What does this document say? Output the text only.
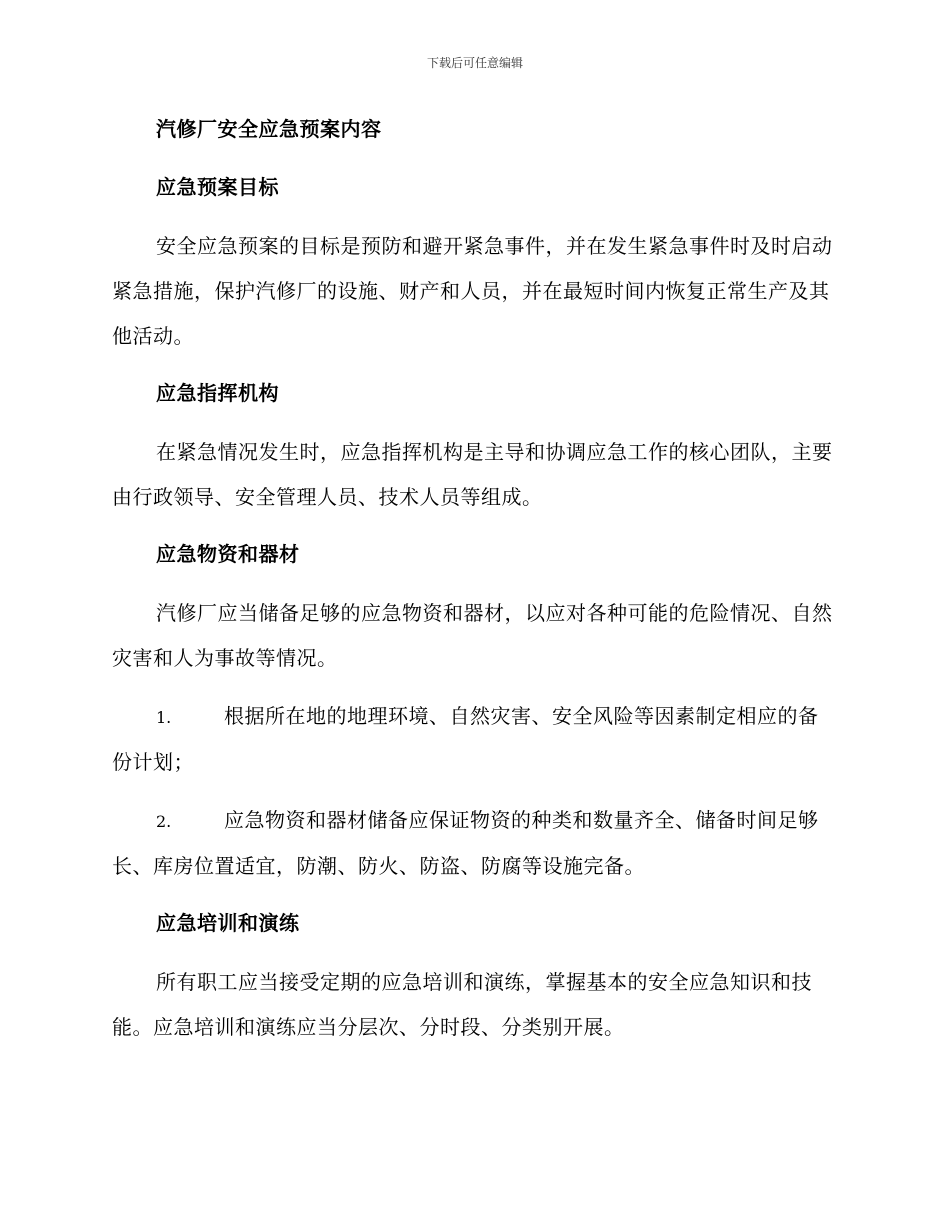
下载后可任意编辑

汽修厂安全应急预案内容

应急预案目标

安全应急预案的目标是预防和避开紧急事件，并在发生紧急事件时及时启动紧急措施，保护汽修厂的设施、财产和人员，并在最短时间内恢复正常生产及其他活动。

应急指挥机构

在紧急情况发生时，应急指挥机构是主导和协调应急工作的核心团队，主要由行政领导、安全管理人员、技术人员等组成。

应急物资和器材

汽修厂应当储备足够的应急物资和器材，以应对各种可能的危险情况、自然灾害和人为事故等情况。

1.	根据所在地的地理环境、自然灾害、安全风险等因素制定相应的备份计划；

2.	应急物资和器材储备应保证物资的种类和数量齐全、储备时间足够长、库房位置适宜，防潮、防火、防盗、防腐等设施完备。

应急培训和演练

所有职工应当接受定期的应急培训和演练，掌握基本的安全应急知识和技能。应急培训和演练应当分层次、分时段、分类别开展。
